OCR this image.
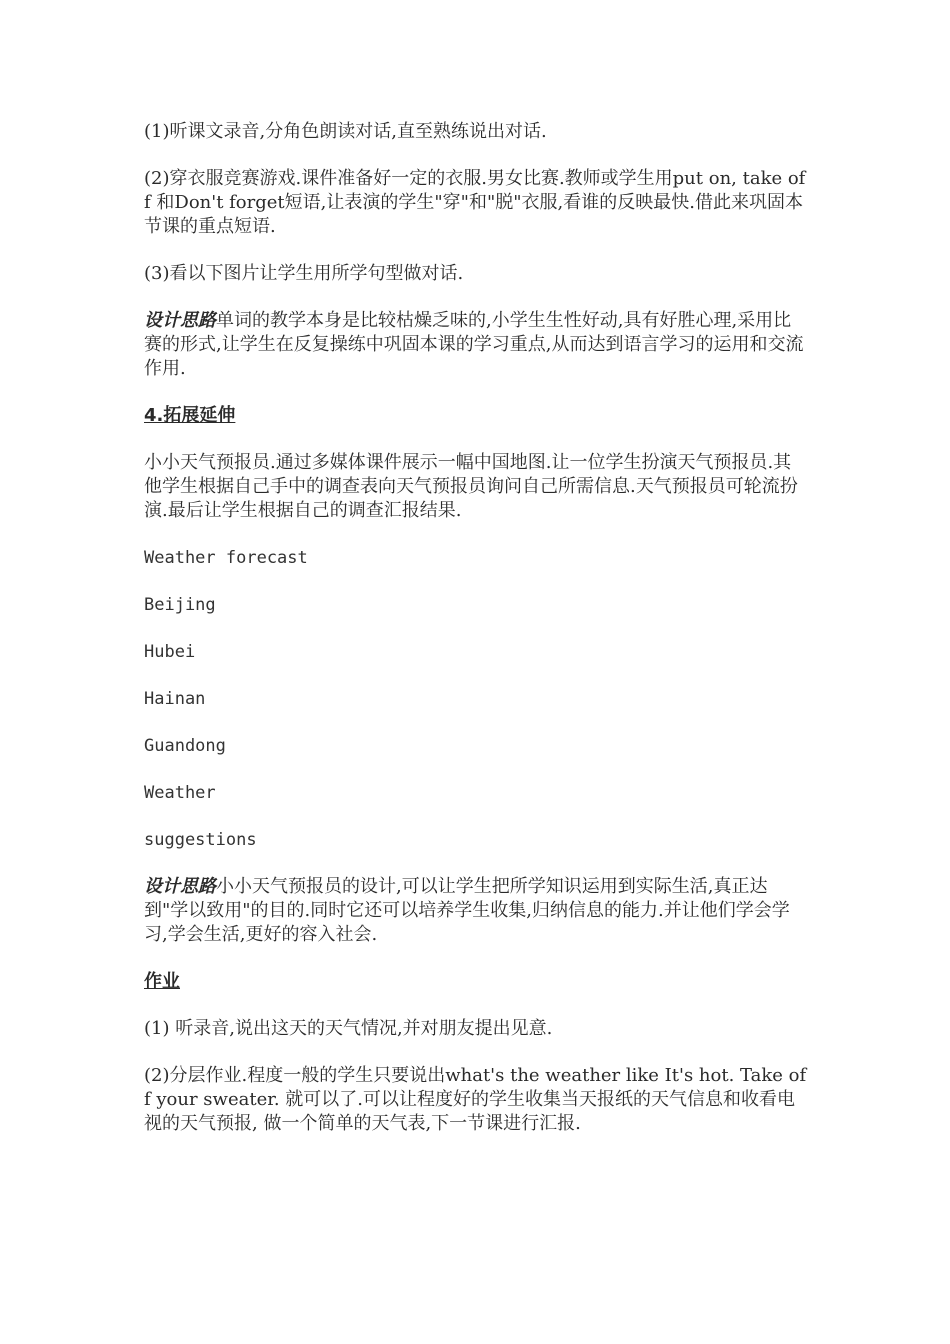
(1)听课文录音,分角色朗读对话,直至熟练说出对话.

(2)穿衣服竞赛游戏.课件准备好一定的衣服.男女比赛.教师或学生用put on, take off 和Don't forget短语,让表演的学生"穿"和"脱"衣服,看谁的反映最快.借此来巩固本节课的重点短语.

(3)看以下图片让学生用所学句型做对话.

设计思路单词的教学本身是比较枯燥乏味的,小学生生性好动,具有好胜心理,采用比赛的形式,让学生在反复操练中巩固本课的学习重点,从而达到语言学习的运用和交流作用.

4.拓展延伸

小小天气预报员.通过多媒体课件展示一幅中国地图.让一位学生扮演天气预报员.其他学生根据自己手中的调查表向天气预报员询问自己所需信息.天气预报员可轮流扮演.最后让学生根据自己的调查汇报结果.

Weather forecast

Beijing

Hubei

Hainan

Guandong

Weather

suggestions

设计思路小小天气预报员的设计,可以让学生把所学知识运用到实际生活,真正达到"学以致用"的目的.同时它还可以培养学生收集,归纳信息的能力.并让他们学会学习,学会生活,更好的容入社会.

作业

(1) 听录音,说出这天的天气情况,并对朋友提出见意.

(2)分层作业.程度一般的学生只要说出what's the weather like It's hot. Take off your sweater. 就可以了.可以让程度好的学生收集当天报纸的天气信息和收看电视的天气预报, 做一个简单的天气表,下一节课进行汇报.
